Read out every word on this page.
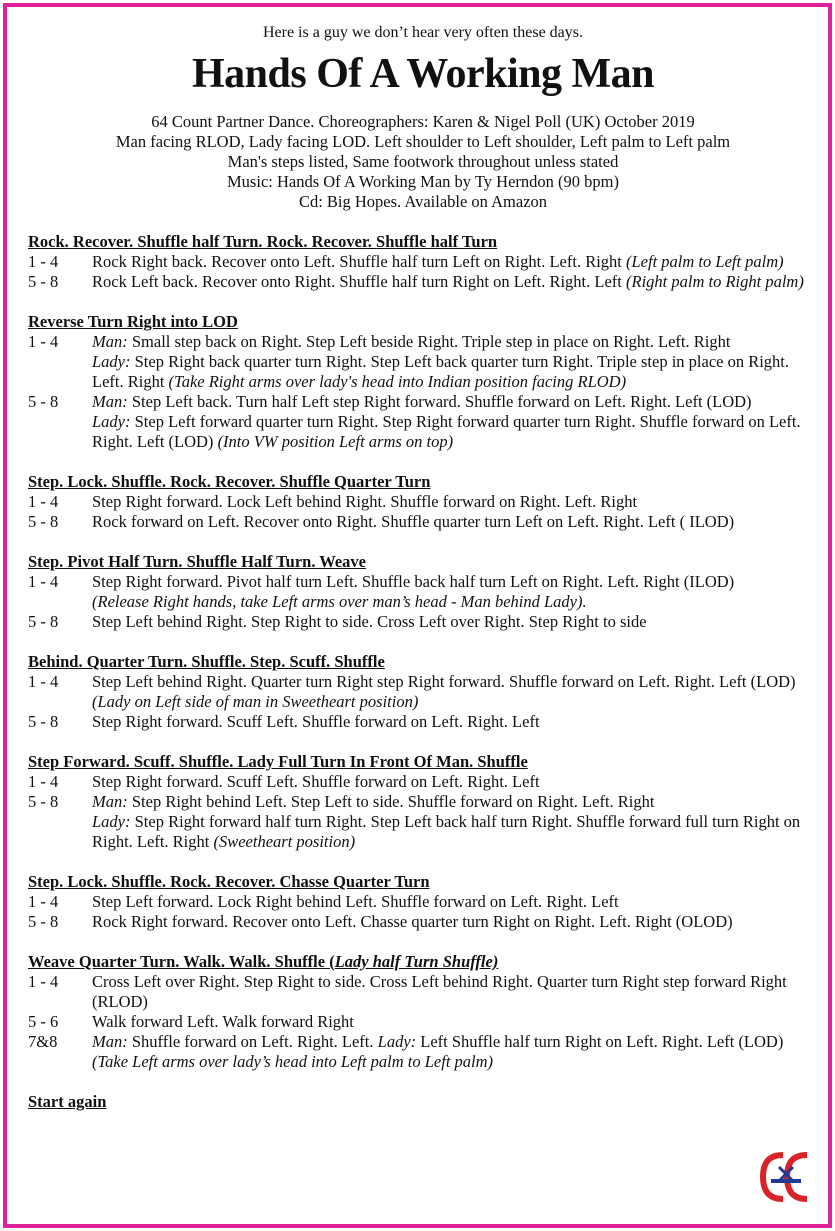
Here is a guy we don’t hear very often these days.
Hands Of A Working Man
64 Count Partner Dance. Choreographers: Karen & Nigel Poll (UK) October 2019
Man facing RLOD, Lady facing LOD. Left shoulder to Left shoulder, Left palm to Left palm
Man's steps listed, Same footwork throughout unless stated
Music: Hands Of A Working Man by Ty Herndon (90 bpm)
Cd: Big Hopes. Available on Amazon
Rock. Recover. Shuffle half Turn. Rock. Recover. Shuffle half Turn
1 - 4	Rock Right back. Recover onto Left. Shuffle half turn Left on Right. Left. Right (Left palm to Left palm)
5 - 8	Rock Left back. Recover onto Right. Shuffle half turn Right on Left. Right. Left (Right palm to Right palm)
Reverse Turn Right into LOD
1 - 4	Man: Small step back on Right. Step Left beside Right. Triple step in place on Right. Left. Right
Lady: Step Right back quarter turn Right. Step Left back quarter turn Right. Triple step in place on Right. Left. Right (Take Right arms over lady's head into Indian position facing RLOD)
5 - 8	Man: Step Left back. Turn half Left step Right forward. Shuffle forward on Left. Right. Left (LOD)
Lady: Step Left forward quarter turn Right. Step Right forward quarter turn Right. Shuffle forward on Left. Right. Left (LOD) (Into VW position Left arms on top)
Step. Lock. Shuffle. Rock. Recover. Shuffle Quarter Turn
1 - 4	Step Right forward. Lock Left behind Right. Shuffle forward on Right. Left. Right
5 - 8	Rock forward on Left. Recover onto Right. Shuffle quarter turn Left on Left. Right. Left ( ILOD)
Step. Pivot Half Turn. Shuffle Half Turn. Weave
1 - 4	Step Right forward. Pivot half turn Left. Shuffle back half turn Left on Right. Left. Right (ILOD)
(Release Right hands, take Left arms over man’s head - Man behind Lady).
5 - 8	Step Left behind Right. Step Right to side. Cross Left over Right. Step Right to side
Behind. Quarter Turn. Shuffle. Step. Scuff. Shuffle
1 - 4	Step Left behind Right. Quarter turn Right step Right forward. Shuffle forward on Left. Right. Left (LOD)
(Lady on Left side of man in Sweetheart position)
5 - 8	Step Right forward. Scuff Left. Shuffle forward on Left. Right. Left
Step Forward. Scuff. Shuffle. Lady Full Turn In Front Of Man. Shuffle
1 - 4	Step Right forward. Scuff Left. Shuffle forward on Left. Right. Left
5 - 8	Man: Step Right behind Left. Step Left to side. Shuffle forward on Right. Left. Right
Lady: Step Right forward half turn Right. Step Left back half turn Right. Shuffle forward full turn Right on Right. Left. Right (Sweetheart position)
Step. Lock. Shuffle. Rock. Recover. Chasse Quarter Turn
1 - 4	Step Left forward. Lock Right behind Left. Shuffle forward on Left. Right. Left
5 - 8	Rock Right forward. Recover onto Left. Chasse quarter turn Right on Right. Left. Right (OLOD)
Weave Quarter Turn. Walk. Walk. Shuffle (Lady half Turn Shuffle)
1 - 4	Cross Left over Right. Step Right to side. Cross Left behind Right. Quarter turn Right step forward Right (RLOD)
5 - 6	Walk forward Left. Walk forward Right
7&8	Man: Shuffle forward on Left. Right. Left. Lady: Left Shuffle half turn Right on Left. Right. Left (LOD)
(Take Left arms over lady’s head into Left palm to Left palm)
Start again
